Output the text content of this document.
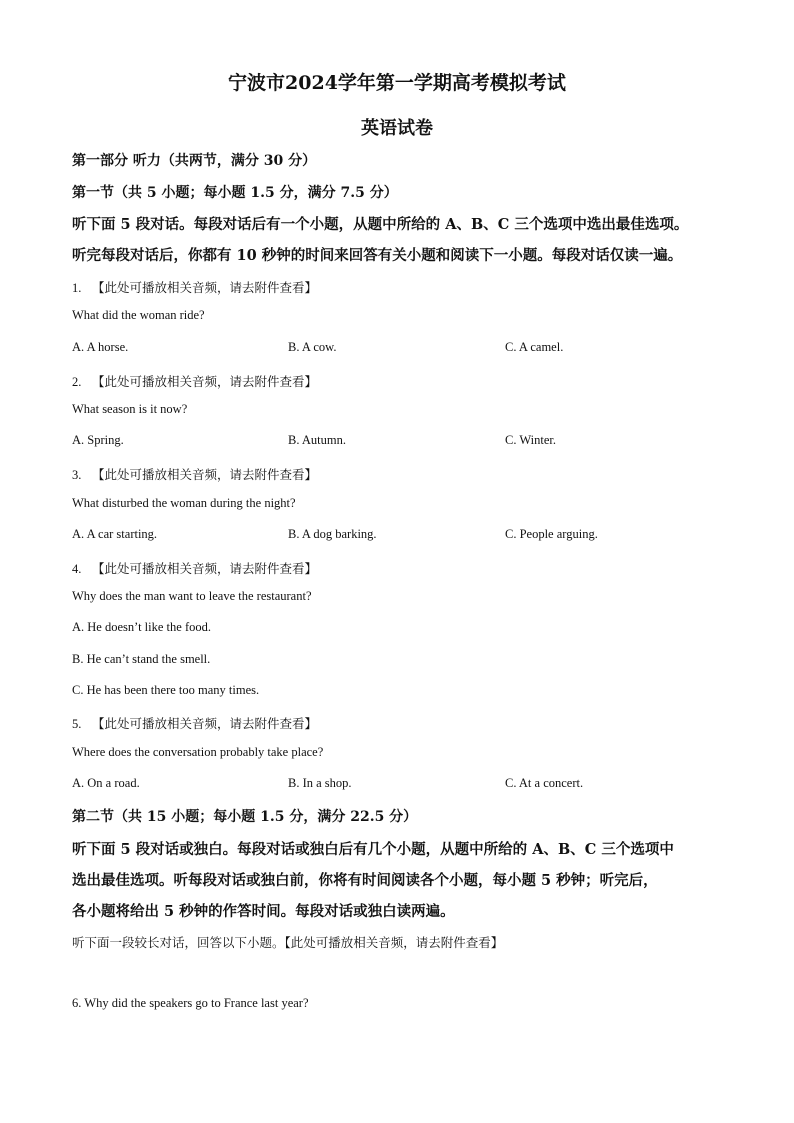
宁波市2024学年第一学期高考模拟考试
英语试卷
第一部分 听力（共两节，满分 30 分）
第一节（共 5 小题；每小题 1.5 分，满分 7.5 分）
听下面 5 段对话。每段对话后有一个小题，从题中所给的 A、B、C 三个选项中选出最佳选项。
听完每段对话后，你都有 10 秒钟的时间来回答有关小题和阅读下一小题。每段对话仅读一遍。
1. 【此处可播放相关音频，请去附件查看】
What did the woman ride?
A. A horse.	B. A cow.	C. A camel.
2. 【此处可播放相关音频，请去附件查看】
What season is it now?
A. Spring.	B. Autumn.	C. Winter.
3. 【此处可播放相关音频，请去附件查看】
What disturbed the woman during the night?
A. A car starting.	B. A dog barking.	C. People arguing.
4. 【此处可播放相关音频，请去附件查看】
Why does the man want to leave the restaurant?
A. He doesn’t like the food.
B. He can’t stand the smell.
C. He has been there too many times.
5. 【此处可播放相关音频，请去附件查看】
Where does the conversation probably take place?
A. On a road.	B. In a shop.	C. At a concert.
第二节（共 15 小题；每小题 1.5 分，满分 22.5 分）
听下面 5 段对话或独白。每段对话或独白后有几个小题，从题中所给的 A、B、C 三个选项中
选出最佳选项。听每段对话或独白前，你将有时间阅读各个小题，每小题 5 秒钟；听完后，
各小题将给出 5 秒钟的作答时间。每段对话或独白读两遍。
听下面一段较长对话，回答以下小题。【此处可播放相关音频，请去附件查看】
6. Why did the speakers go to France last year?
